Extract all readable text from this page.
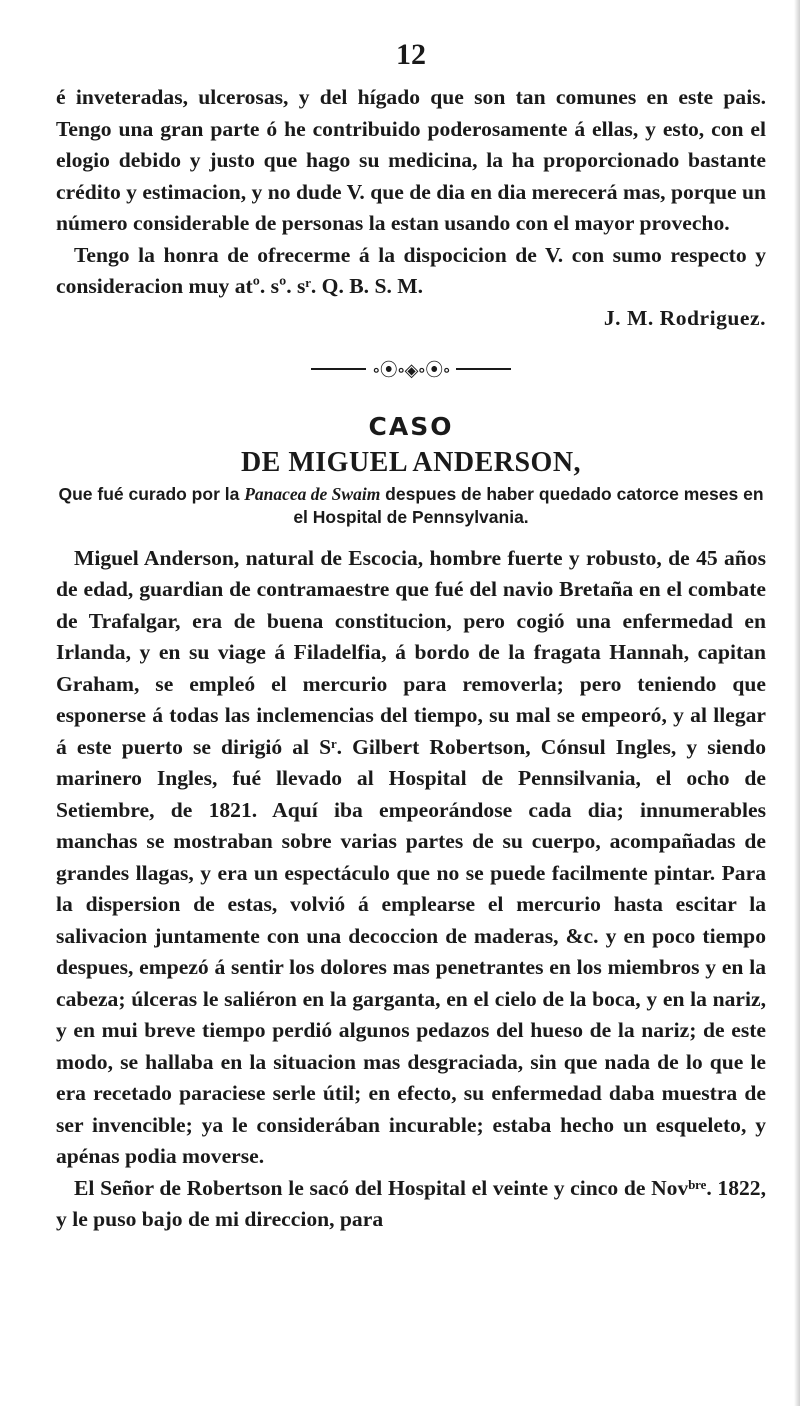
12

é inveteradas, ulcerosas, y del hígado que son tan comunes en este pais. Tengo una gran parte ó he contribuido poderosamente á ellas, y esto, con el elogio debido y justo que hago su medicina, la ha proporcionado bastante crédito y estimacion, y no dude V. que de dia en dia merecerá mas, porque un número considerable de personas la estan usando con el mayor provecho.

Tengo la honra de ofrecerme á la dispocicion de V. con sumo respecto y consideracion muy atº. sº. sʳ. Q. B. S. M.

J. M. Rodriguez.
∘⦿∘◈∘⦿∘
CASO
DE MIGUEL ANDERSON,
Que fué curado por la Panacea de Swaim despues de haber quedado catorce meses en el Hospital de Pennsylvania.

Miguel Anderson, natural de Escocia, hombre fuerte y robusto, de 45 años de edad, guardian de contramaestre que fué del navio Bretaña en el combate de Trafalgar, era de buena constitucion, pero cogió una enfermedad en Irlanda, y en su viage á Filadelfia, á bordo de la fragata Hannah, capitan Graham, se empleó el mercurio para removerla; pero teniendo que esponerse á todas las inclemencias del tiempo, su mal se empeoró, y al llegar á este puerto se dirigió al Sʳ. Gilbert Robertson, Cónsul Ingles, y siendo marinero Ingles, fué llevado al Hospital de Pennsilvania, el ocho de Setiembre, de 1821. Aquí iba empeorándose cada dia; innumerables manchas se mostraban sobre varias partes de su cuerpo, acompañadas de grandes llagas, y era un espectáculo que no se puede facilmente pintar. Para la dispersion de estas, volvió á emplearse el mercurio hasta escitar la salivacion juntamente con una decoccion de maderas, &c. y en poco tiempo despues, empezó á sentir los dolores mas penetrantes en los miembros y en la cabeza; úlceras le saliéron en la garganta, en el cielo de la boca, y en la nariz, y en mui breve tiempo perdió algunos pedazos del hueso de la nariz; de este modo, se hallaba en la situacion mas desgraciada, sin que nada de lo que le era recetado paraciese serle útil; en efecto, su enfermedad daba muestra de ser invencible; ya le considerában incurable; estaba hecho un esqueleto, y apénas podia moverse.

El Señor de Robertson le sacó del Hospital el veinte y cinco de Novᵇʳᵉ. 1822, y le puso bajo de mi direccion, para
